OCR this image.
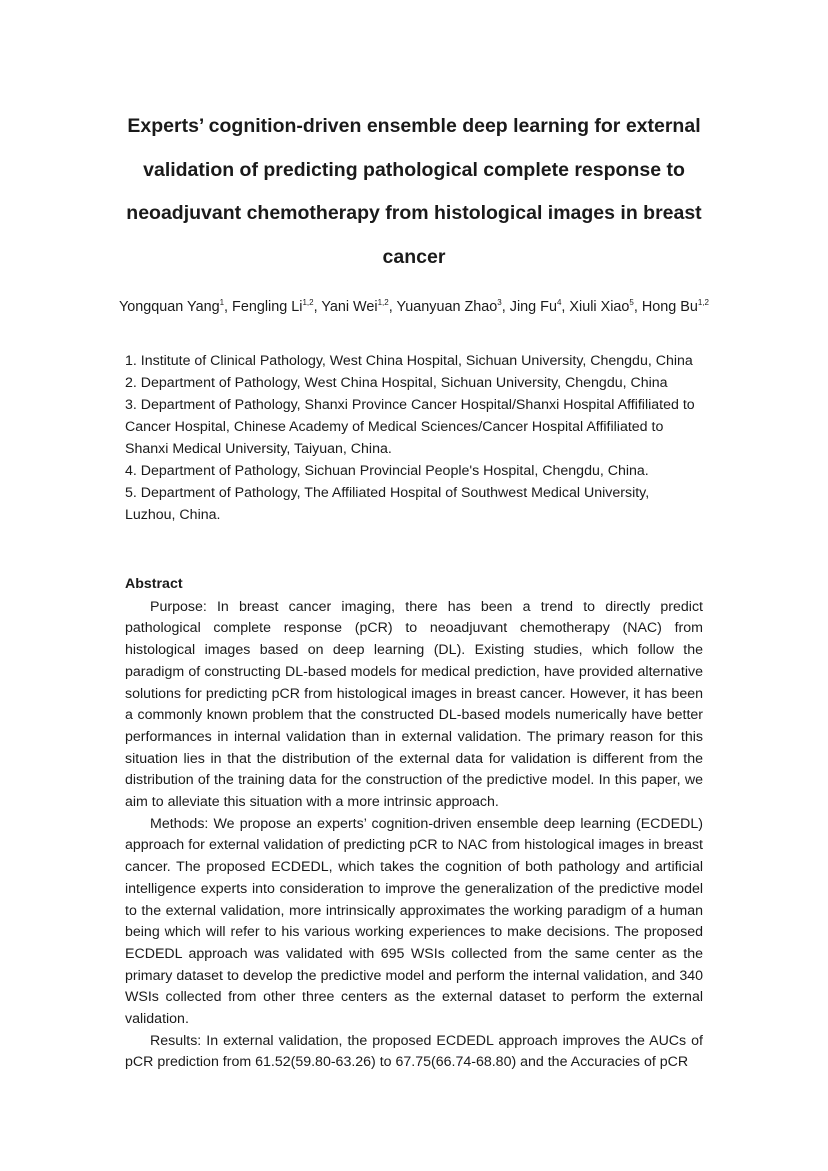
Experts’ cognition-driven ensemble deep learning for external
validation of predicting pathological complete response to
neoadjuvant chemotherapy from histological images in breast
cancer
Yongquan Yang$^1$, Fengling Li$^{1,2}$, Yani Wei$^{1,2}$, Yuanyuan Zhao$^3$, Jing Fu$^4$, Xiuli Xiao$^5$, Hong Bu$^{1,2}$

1. Institute of Clinical Pathology, West China Hospital, Sichuan University, Chengdu, China

2. Department of Pathology, West China Hospital, Sichuan University, Chengdu, China

3. Department of Pathology, Shanxi Province Cancer Hospital/Shanxi Hospital Affifiliated to Cancer Hospital, Chinese Academy of Medical Sciences/Cancer Hospital Affifiliated to Shanxi Medical University, Taiyuan, China.

4. Department of Pathology, Sichuan Provincial People's Hospital, Chengdu, China.

5. Department of Pathology, The Affiliated Hospital of Southwest Medical University, Luzhou, China.

Abstract

Purpose: In breast cancer imaging, there has been a trend to directly predict pathological complete response (pCR) to neoadjuvant chemotherapy (NAC) from histological images based on deep learning (DL). Existing studies, which follow the paradigm of constructing DL-based models for medical prediction, have provided alternative solutions for predicting pCR from histological images in breast cancer. However, it has been a commonly known problem that the constructed DL-based models numerically have better performances in internal validation than in external validation. The primary reason for this situation lies in that the distribution of the external data for validation is different from the distribution of the training data for the construction of the predictive model. In this paper, we aim to alleviate this situation with a more intrinsic approach.

Methods: We propose an experts’ cognition-driven ensemble deep learning (ECDEDL) approach for external validation of predicting pCR to NAC from histological images in breast cancer. The proposed ECDEDL, which takes the cognition of both pathology and artificial intelligence experts into consideration to improve the generalization of the predictive model to the external validation, more intrinsically approximates the working paradigm of a human being which will refer to his various working experiences to make decisions. The proposed ECDEDL approach was validated with 695 WSIs collected from the same center as the primary dataset to develop the predictive model and perform the internal validation, and 340 WSIs collected from other three centers as the external dataset to perform the external validation.

Results: In external validation, the proposed ECDEDL approach improves the AUCs of pCR prediction from 61.52(59.80-63.26) to 67.75(66.74-68.80) and the Accuracies of pCR
